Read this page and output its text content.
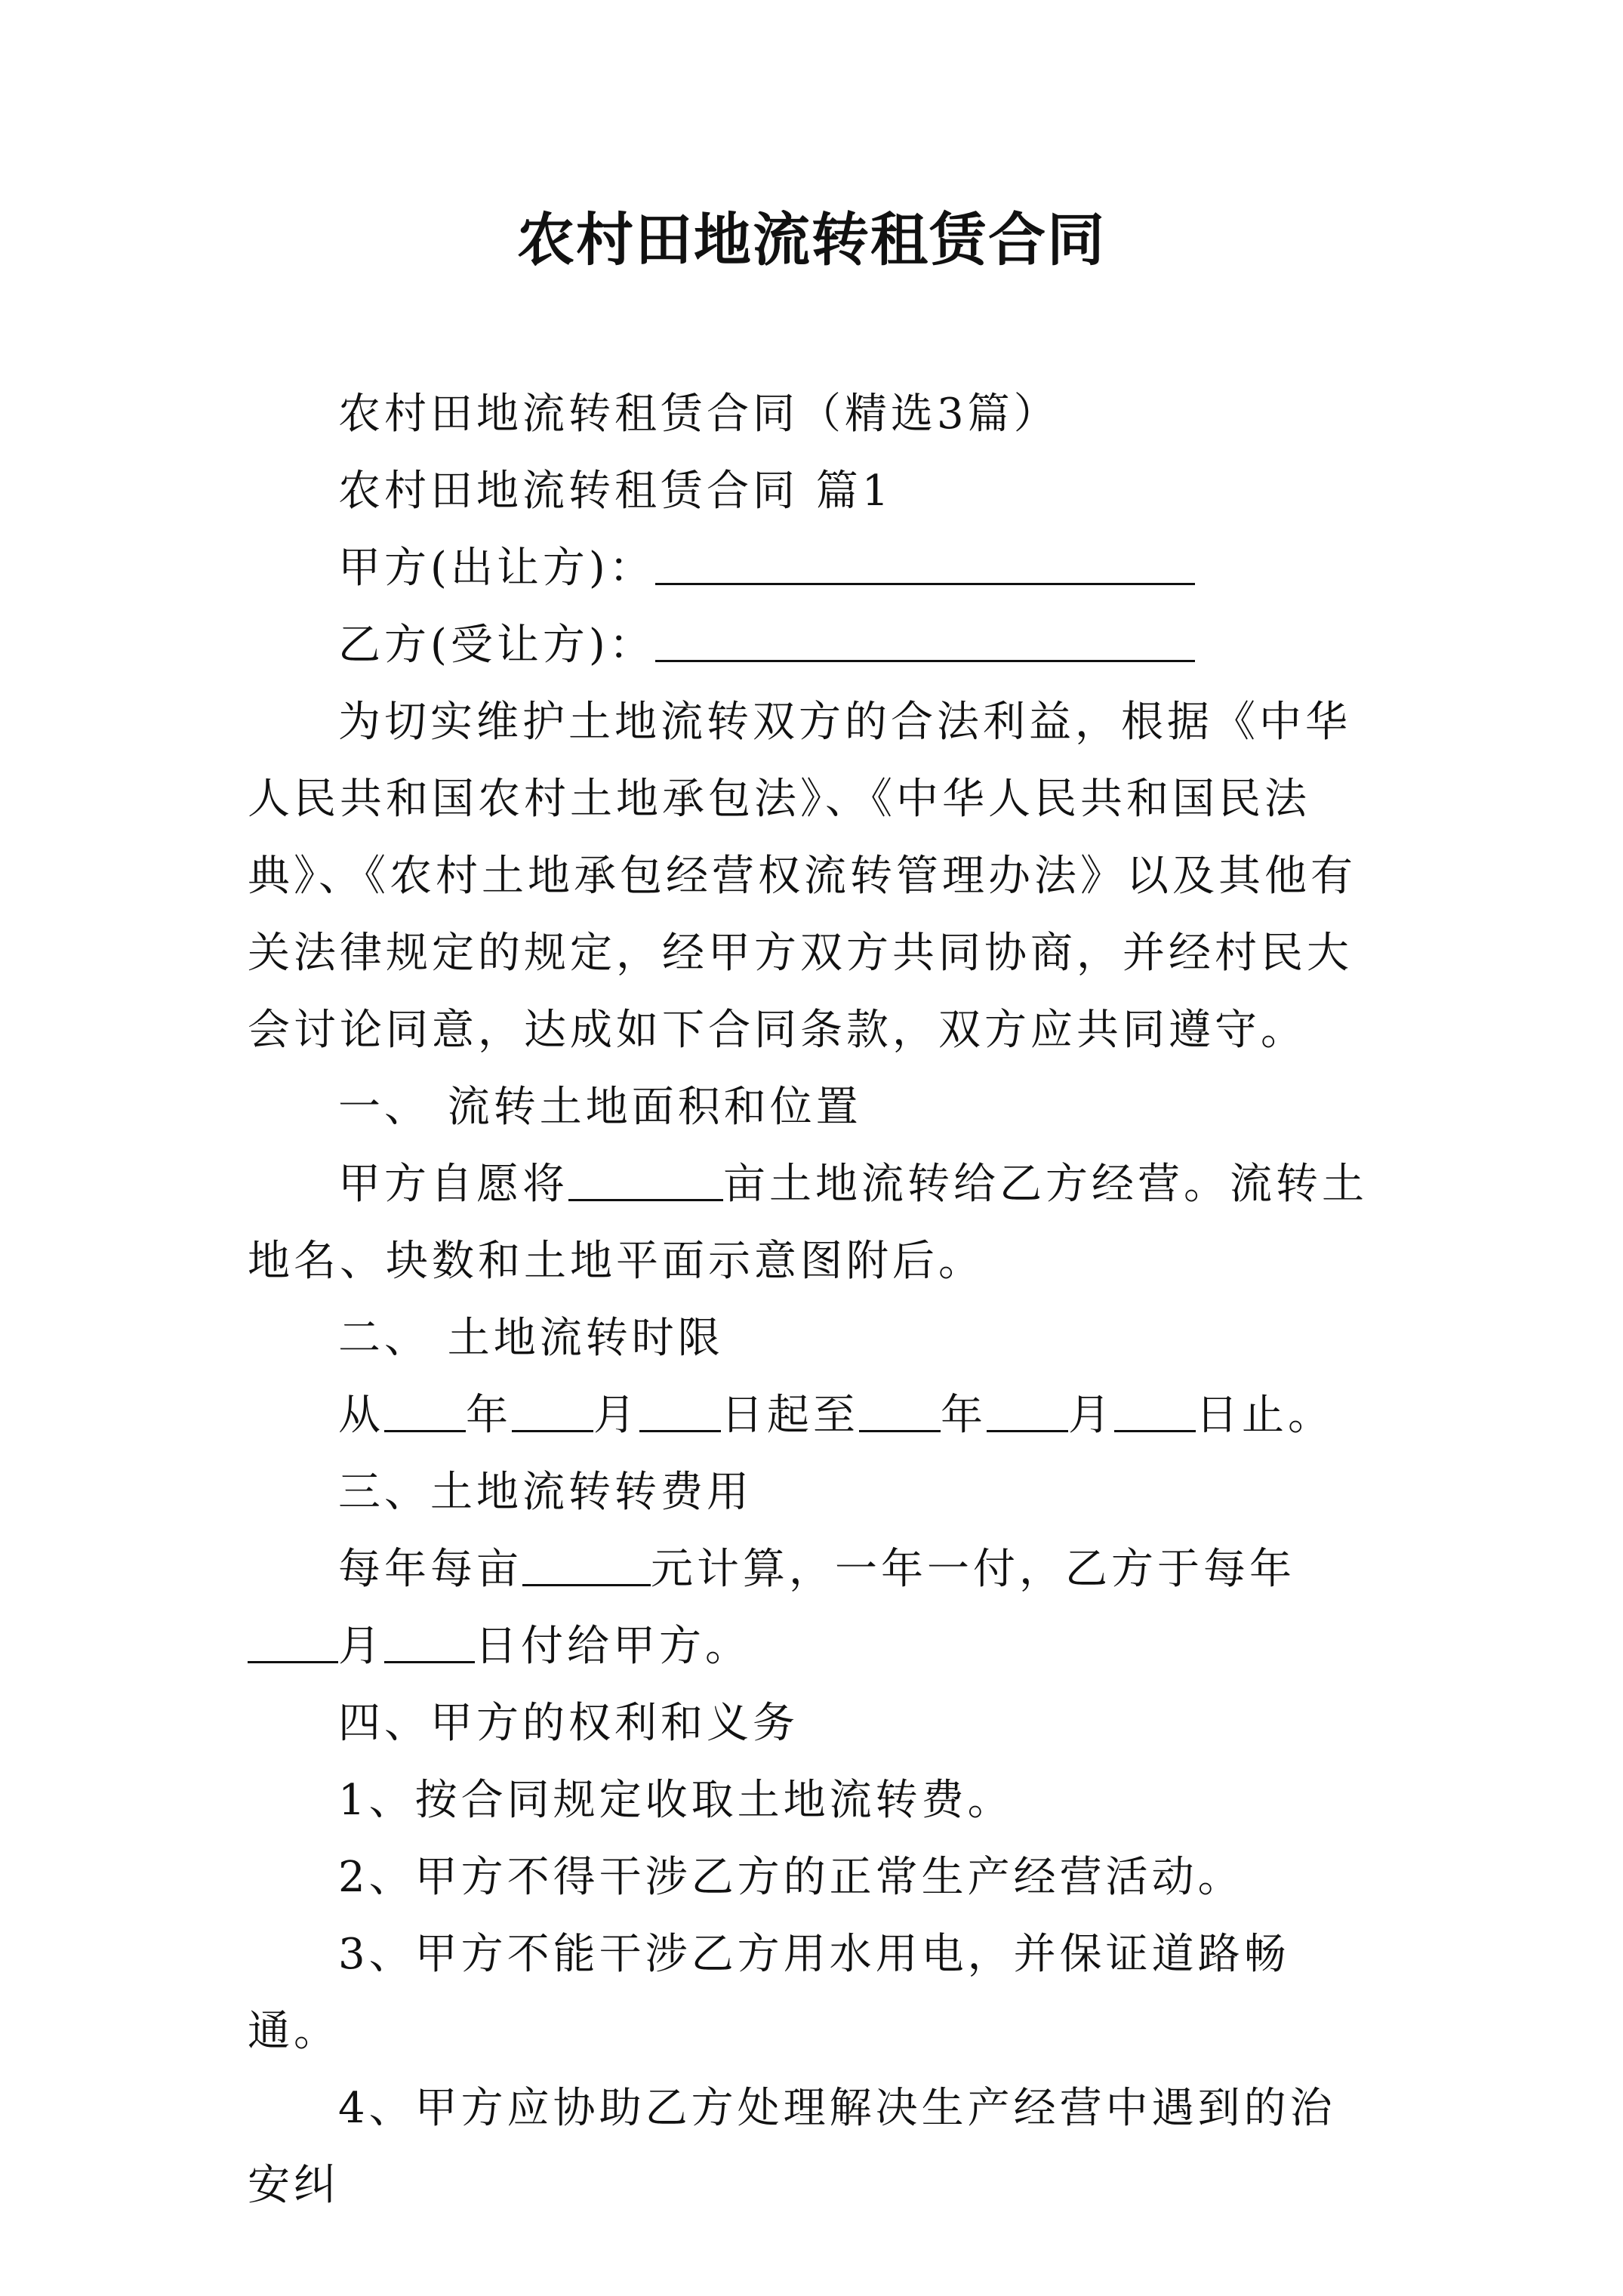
农村田地流转租赁合同

农村田地流转租赁合同（精选3篇）

农村田地流转租赁合同 篇1

甲方(出让方)：

乙方(受让方)：

为切实维护土地流转双方的合法利益，根据《中华人民共和国农村土地承包法》、《中华人民共和国民法典》、《农村土地承包经营权流转管理办法》以及其他有关法律规定的规定，经甲方双方共同协商，并经村民大会讨论同意，达成如下合同条款，双方应共同遵守。

一、 流转土地面积和位置

甲方自愿将	亩土地流转给乙方经营。流转土地名、块数和土地平面示意图附后。

二、 土地流转时限

从 年 月 日起至 年 月 日止。

三、土地流转转费用

每年每亩	元计算，一年一付，乙方于每年月 日付给甲方。

四、甲方的权利和义务

1、按合同规定收取土地流转费。

2、甲方不得干涉乙方的正常生产经营活动。

3、甲方不能干涉乙方用水用电，并保证道路畅通。

4、甲方应协助乙方处理解决生产经营中遇到的治安纠
